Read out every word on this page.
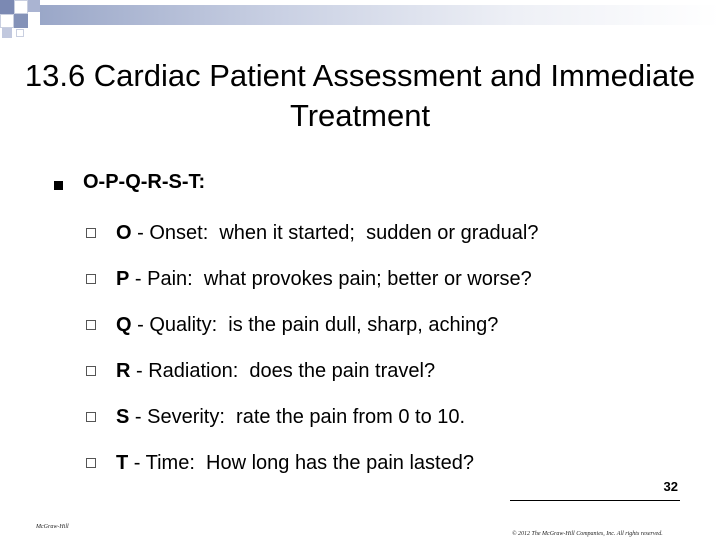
13.6 Cardiac Patient Assessment and Immediate Treatment
O-P-Q-R-S-T:
O - Onset:  when it started;  sudden or gradual?
P - Pain:  what provokes pain; better or worse?
Q - Quality:  is the pain dull, sharp, aching?
R - Radiation:  does the pain travel?
S - Severity:  rate the pain from 0 to 10.
T - Time:  How long has the pain lasted?
32
McGraw-Hill
© 2012 The McGraw-Hill Companies, Inc. All rights reserved.
